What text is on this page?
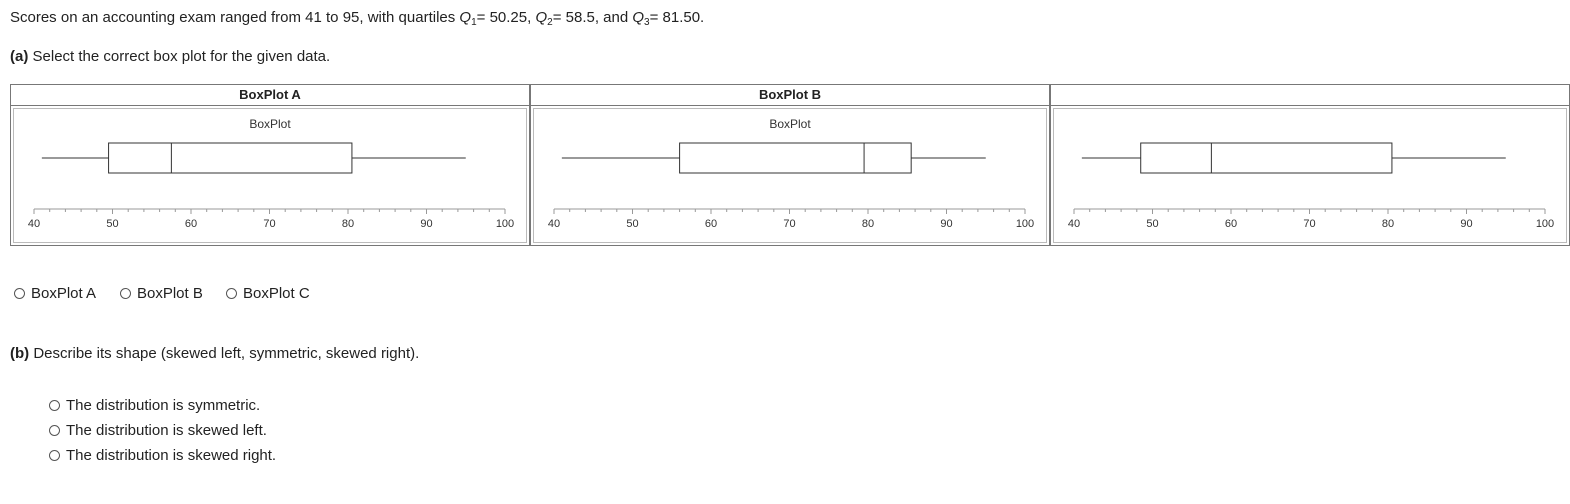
Scores on an accounting exam ranged from 41 to 95, with quartiles $Q_1= 50.25$, $Q_2= 58.5$, and $Q_3= 81.50$.
(a) Select the correct box plot for the given data.
BoxPlot A
BoxPlot
40	50	60	70	80	90	100
BoxPlot B
BoxPlot
40	50	60	70	80	90	100	40	50	60	70	80	90	100
BoxPlot A	BoxPlot B	BoxPlot C
(b) Describe its shape (skewed left, symmetric, skewed right).
The distribution is symmetric.
The distribution is skewed left.
The distribution is skewed right.
